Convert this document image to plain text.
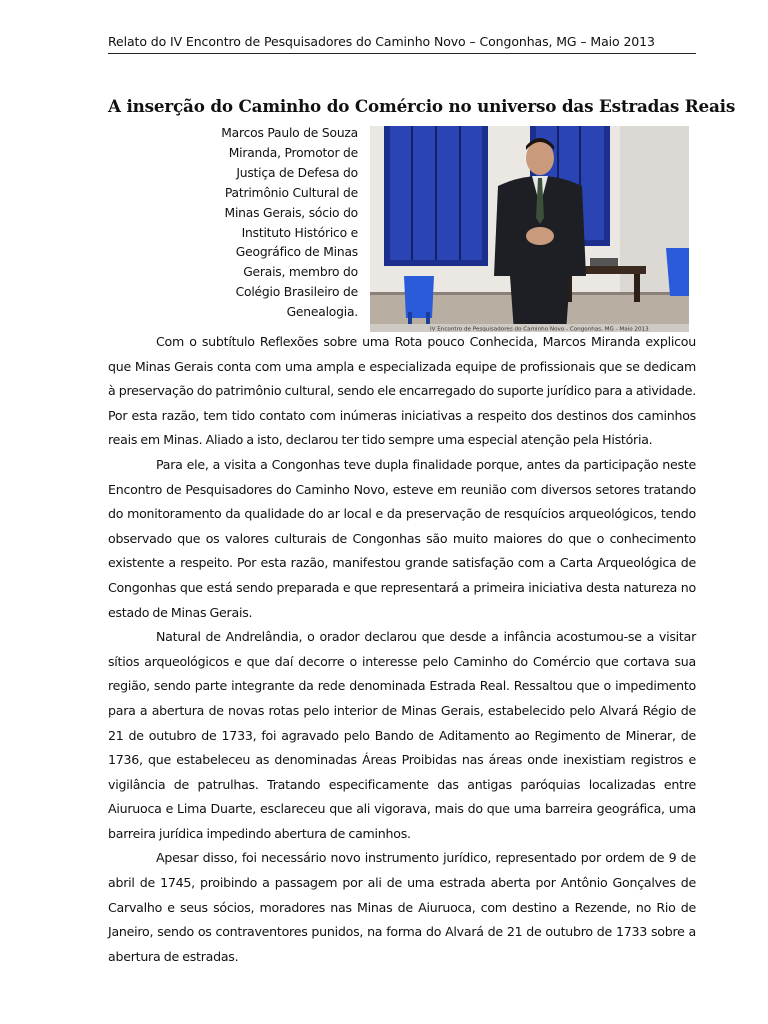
Relato do IV Encontro de Pesquisadores do Caminho Novo – Congonhas, MG – Maio 2013
A inserção do Caminho do Comércio no universo das Estradas Reais
Marcos Paulo de Souza Miranda, Promotor de Justiça de Defesa do Patrimônio Cultural de Minas Gerais, sócio do Instituto Histórico e Geográfico de Minas Gerais, membro do Colégio Brasileiro de Genealogia.
IV Encontro de Pesquisadores do Caminho Novo - Congonhas, MG - Maio 2013

Com o subtítulo Reflexões sobre uma Rota pouco Conhecida, Marcos Miranda explicou que Minas Gerais conta com uma ampla e especializada equipe de profissionais que se dedicam à preservação do patrimônio cultural, sendo ele encarregado do suporte jurídico para a atividade. Por esta razão, tem tido contato com inúmeras iniciativas a respeito dos destinos dos caminhos reais em Minas. Aliado a isto, declarou ter tido sempre uma especial atenção pela História.

Para ele, a visita a Congonhas teve dupla finalidade porque, antes da participação neste Encontro de Pesquisadores do Caminho Novo, esteve em reunião com diversos setores tratando do monitoramento da qualidade do ar local e da preservação de resquícios arqueológicos, tendo observado que os valores culturais de Congonhas são muito maiores do que o conhecimento existente a respeito. Por esta razão, manifestou grande satisfação com a Carta Arqueológica de Congonhas que está sendo preparada e que representará a primeira iniciativa desta natureza no estado de Minas Gerais.

Natural de Andrelândia, o orador declarou que desde a infância acostumou-se a visitar sítios arqueológicos e que daí decorre o interesse pelo Caminho do Comércio que cortava sua região, sendo parte integrante da rede denominada Estrada Real. Ressaltou que o impedimento para a abertura de novas rotas pelo interior de Minas Gerais, estabelecido pelo Alvará Régio de 21 de outubro de 1733, foi agravado pelo Bando de Aditamento ao Regimento de Minerar, de 1736, que estabeleceu as denominadas Áreas Proibidas nas áreas onde inexistiam registros e vigilância de patrulhas. Tratando especificamente das antigas paróquias localizadas entre Aiuruoca e Lima Duarte, esclareceu que ali vigorava, mais do que uma barreira geográfica, uma barreira jurídica impedindo abertura de caminhos.

Apesar disso, foi necessário novo instrumento jurídico, representado por ordem de 9 de abril de 1745, proibindo a passagem por ali de uma estrada aberta por Antônio Gonçalves de Carvalho e seus sócios, moradores nas Minas de Aiuruoca, com destino a Rezende, no Rio de Janeiro, sendo os contraventores punidos, na forma do Alvará de 21 de outubro de 1733 sobre a abertura de estradas.
